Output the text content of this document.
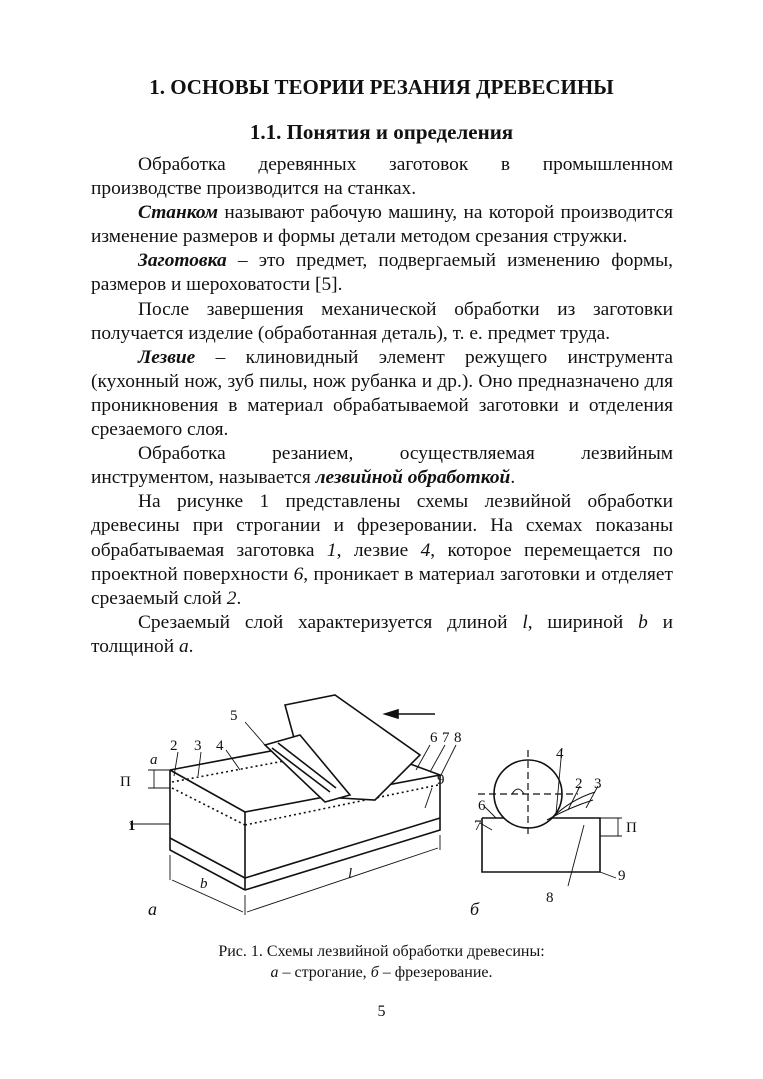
1. ОСНОВЫ ТЕОРИИ РЕЗАНИЯ ДРЕВЕСИНЫ
1.1. Понятия и определения

Обработка деревянных заготовок в промышленном производстве производится на станках.

Станком называют рабочую машину, на которой производится изменение размеров и формы детали методом срезания стружки.

Заготовка – это предмет, подвергаемый изменению формы, размеров и шероховатости [5].

После завершения механической обработки из заготовки получается изделие (обработанная деталь), т. е. предмет труда.

Лезвие – клиновидный элемент режущего инструмента (кухонный нож, зуб пилы, нож рубанка и др.). Оно предназначено для проникновения в материал обрабатываемой заготовки и отделения срезаемого слоя.

Обработка резанием, осуществляемая лезвийным инструментом, называется лезвийной обработкой.

На рисунке 1 представлены схемы лезвийной обработки древесины при строгании и фрезеровании. На схемах показаны обрабатываемая заготовка 1, лезвие 4, которое перемещается по проектной поверхности 6, проникает в материал заготовки и отделяет срезаемый слой 2.

Срезаемый слой характеризуется длиной l, шириной b и толщиной a.

5
2 3 4	6 7 8
9
1
a
П
b
l
а
4
2 3
6
7
8
9
П
б
Рис. 1. Схемы лезвийной обработки древесины:
а – строгание, б – фрезерование.
5
